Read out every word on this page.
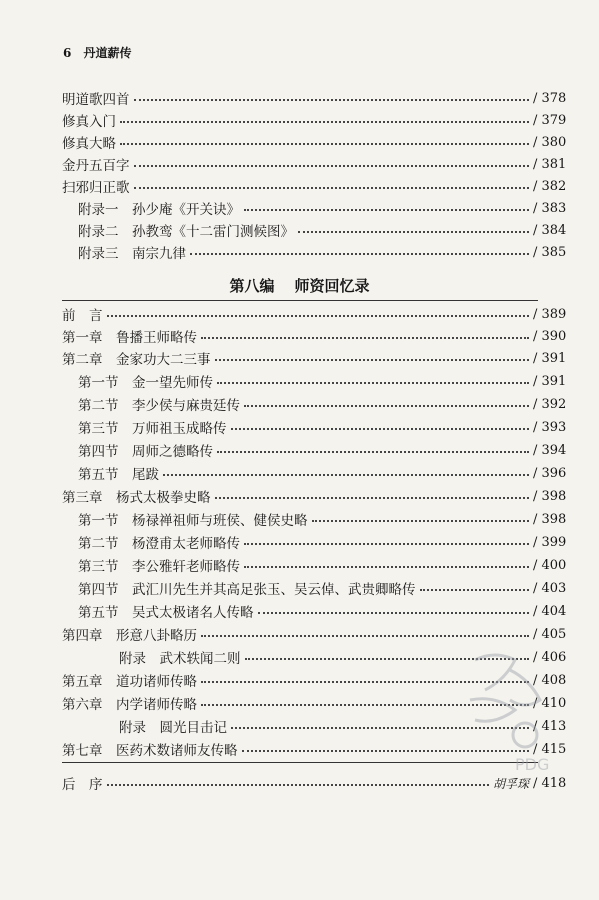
6 丹道薪传
明道歌四首	/ 378
修真入门	/ 379
修真大略	/ 380
金丹五百字	/ 381
扫邪归正歌	/ 382
附录一　孙少庵《开关诀》	/ 383
附录二　孙教鸾《十二雷门测候图》	/ 384
附录三　南宗九律	/ 385
第八编 师资回忆录
前　言	/ 389
第一章　鲁播王师略传	/ 390
第二章　金家功大二三事	/ 391
第一节　金一望先师传	/ 391
第二节　李少侯与麻贵廷传	/ 392
第三节　万师祖玉成略传	/ 393
第四节　周师之德略传	/ 394
第五节　尾跋	/ 396
第三章　杨式太极拳史略	/ 398
第一节　杨禄禅祖师与班侯、健侯史略	/ 398
第二节　杨澄甫太老师略传	/ 399
第三节　李公雅轩老师略传	/ 400
第四节　武汇川先生并其高足张玉、吴云倬、武贵卿略传	/ 403
第五节　吴式太极诸名人传略	/ 404
第四章　形意八卦略历	/ 405
附录　武术轶闻二则	/ 406
第五章　道功诸师传略	/ 408
第六章　内学诸师传略	/ 410
附录　圆光目击记	/ 413
第七章　医药术数诸师友传略	/ 415
后　序	胡孚琛 / 418
PDG
